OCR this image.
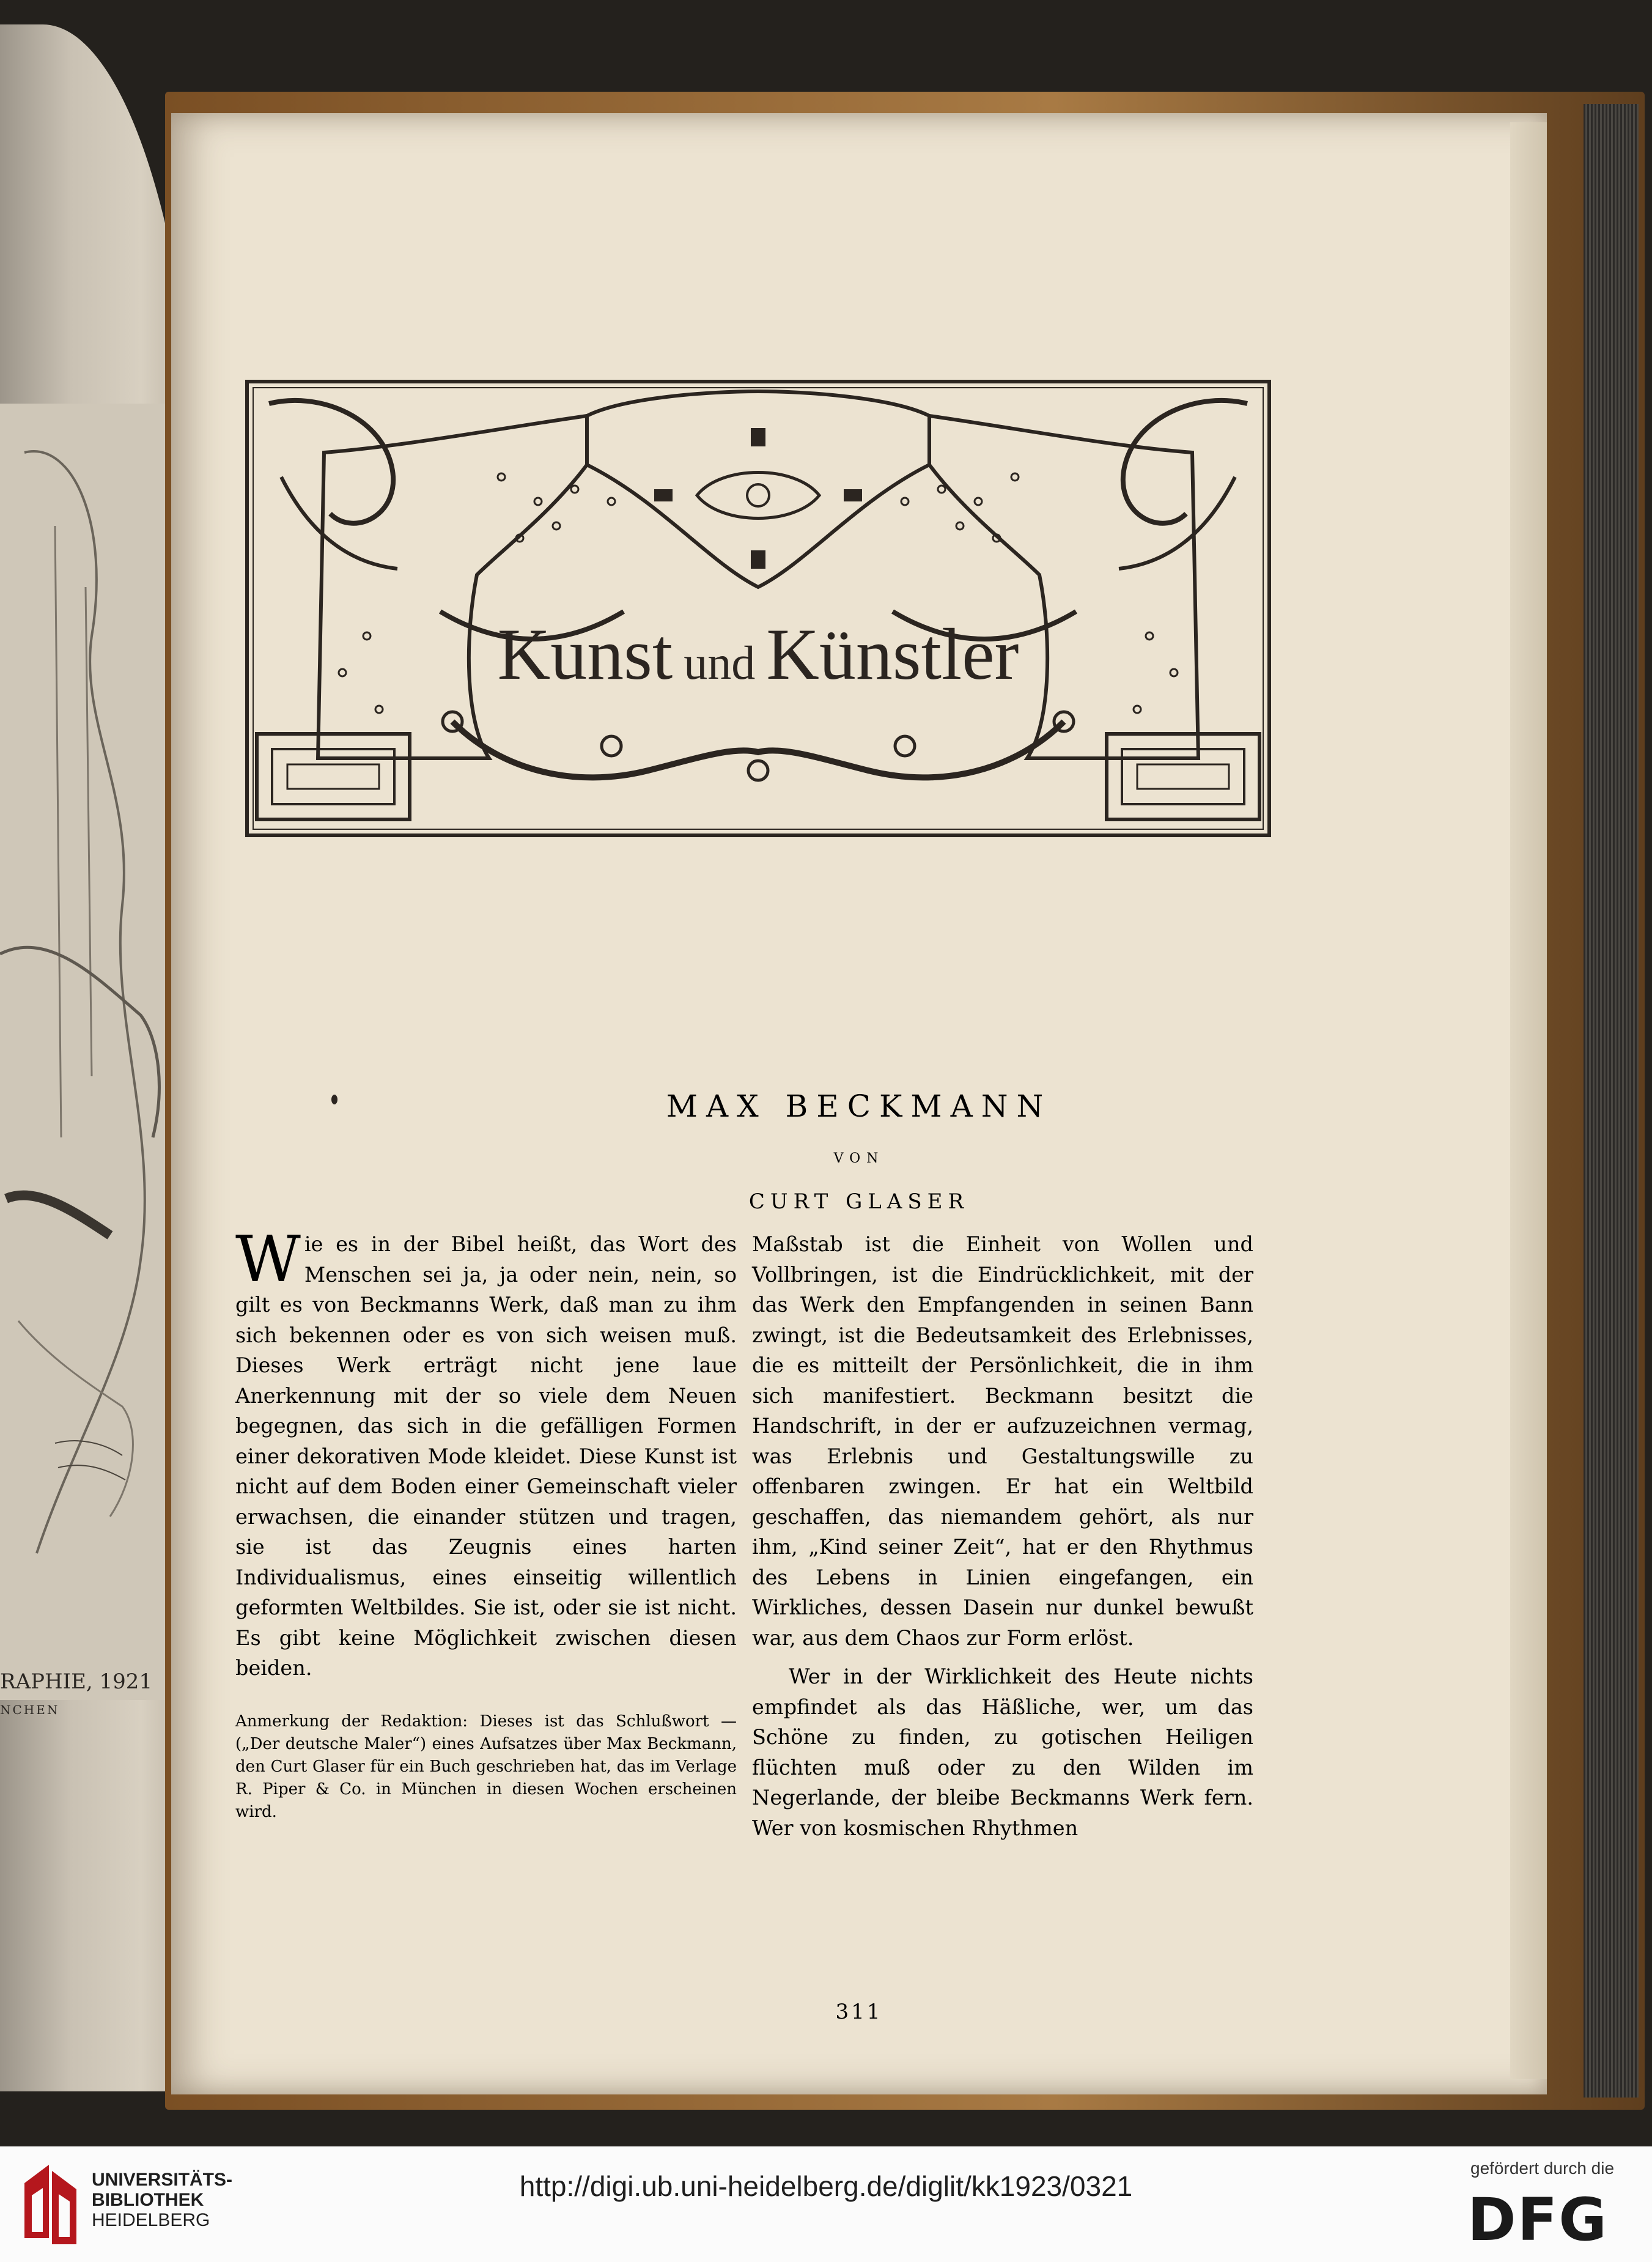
RAPHIE, 1921
NCHEN
Kunst und Künstler
MAX BECKMANN
VON
CURT GLASER

Wie es in der Bibel heißt, das Wort des Menschen sei ja, ja oder nein, nein, so gilt es von Beckmanns Werk, daß man zu ihm sich bekennen oder es von sich weisen muß. Dieses Werk erträgt nicht jene laue Anerkennung mit der so viele dem Neuen begegnen, das sich in die gefälligen Formen einer dekorativen Mode kleidet. Diese Kunst ist nicht auf dem Boden einer Gemeinschaft vieler erwachsen, die einander stützen und tragen, sie ist das Zeugnis eines harten Individualismus, eines einseitig willentlich geformten Weltbildes. Sie ist, oder sie ist nicht. Es gibt keine Möglichkeit zwischen diesen beiden.

Anmerkung der Redaktion: Dieses ist das Schlußwort — („Der deutsche Maler“) eines Aufsatzes über Max Beckmann, den Curt Glaser für ein Buch geschrieben hat, das im Verlage R. Piper & Co. in München in diesen Wochen erscheinen wird.

Maßstab ist die Einheit von Wollen und Vollbringen, ist die Eindrücklichkeit, mit der das Werk den Empfangenden in seinen Bann zwingt, ist die Bedeutsamkeit des Erlebnisses, die es mitteilt der Persönlichkeit, die in ihm sich manifestiert. Beckmann besitzt die Handschrift, in der er aufzuzeichnen vermag, was Erlebnis und Gestaltungswille zu offenbaren zwingen. Er hat ein Weltbild geschaffen, das niemandem gehört, als nur ihm, „Kind seiner Zeit“, hat er den Rhythmus des Lebens in Linien eingefangen, ein Wirkliches, dessen Dasein nur dunkel bewußt war, aus dem Chaos zur Form erlöst.

Wer in der Wirklichkeit des Heute nichts empfindet als das Häßliche, wer, um das Schöne zu finden, zu gotischen Heiligen flüchten muß oder zu den Wilden im Negerlande, der bleibe Beckmanns Werk fern. Wer von kosmischen Rhythmen

311
UNIVERSITÄTS-
BIBLIOTHEK
HEIDELBERG
http://digi.ub.uni-heidelberg.de/diglit/kk1923/0321
gefördert durch die
DFG
